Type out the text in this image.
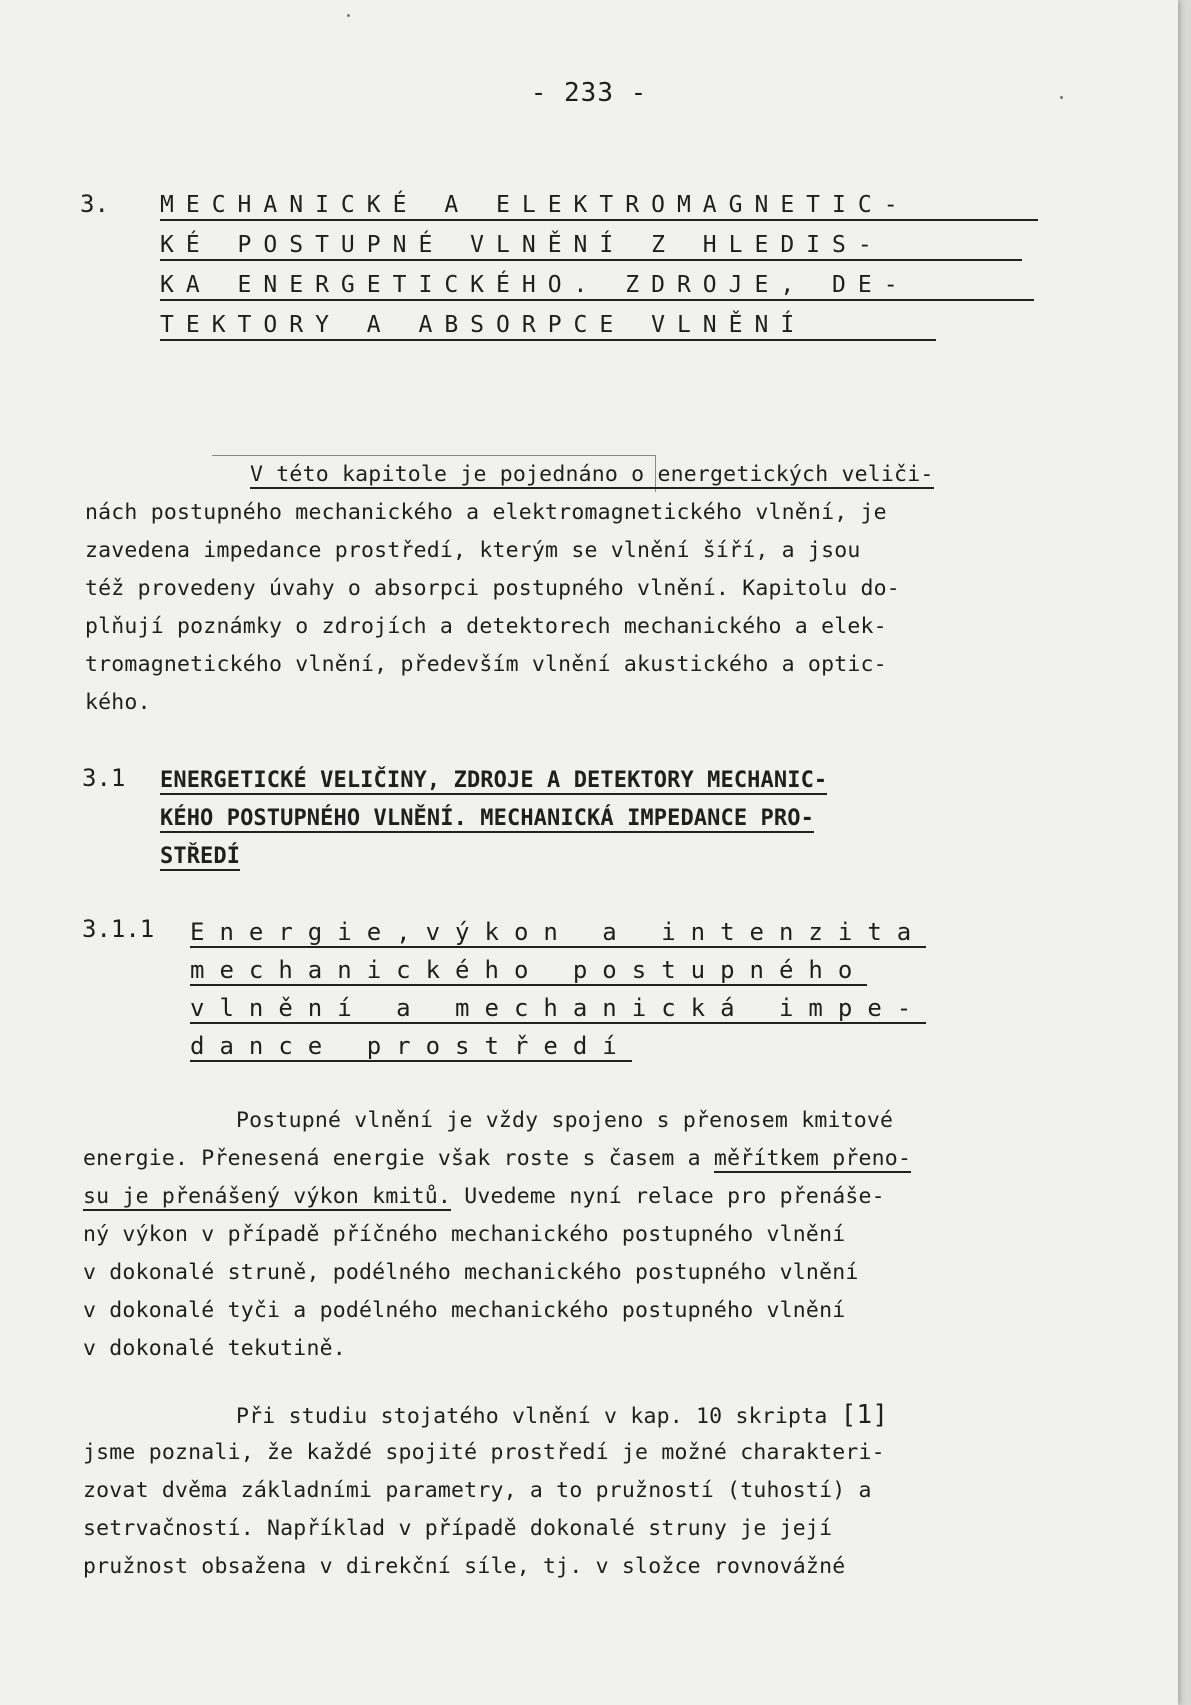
- 233 -
3. MECHANICKÉ A ELEKTROMAGNETIC-
KÉ POSTUPNÉ VLNĚNÍ Z HLEDIS-
KA ENERGETICKÉHO. ZDROJE, DE-
TEKTORY A ABSORPCE VLNĚNÍ
V této kapitole je pojednáno o energetických veliči-
nách postupného mechanického a elektromagnetického vlnění, je
zavedena impedance prostředí, kterým se vlnění šíří, a jsou
též provedeny úvahy o absorpci postupného vlnění. Kapitolu do-
plňují poznámky o zdrojích a detektorech mechanického a elek-
tromagnetického vlnění, především vlnění akustického a optic-
kého.
3.1 ENERGETICKÉ VELIČINY, ZDROJE A DETEKTORY MECHANIC-
KÉHO POSTUPNÉHO VLNĚNÍ. MECHANICKÁ IMPEDANCE PRO-
STŘEDÍ
3.1.1 Energie,výkon a intenzita
mechanického postupného
vlnění a mechanická impe-
dance prostředí
Postupné vlnění je vždy spojeno s přenosem kmitové
energie. Přenesená energie však roste s časem a měřítkem přeno-
su je přenášený výkon kmitů. Uvedeme nyní relace pro přenáše-
ný výkon v případě příčného mechanického postupného vlnění
v dokonalé struně, podélného mechanického postupného vlnění
v dokonalé tyči a podélného mechanického postupného vlnění
v dokonalé tekutině.
Při studiu stojatého vlnění v kap. 10 skripta [1]
jsme poznali, že každé spojité prostředí je možné charakteri-
zovat dvěma základními parametry, a to pružností (tuhostí) a
setrvačností. Například v případě dokonalé struny je její
pružnost obsažena v direkční síle, tj. v složce rovnovážné
